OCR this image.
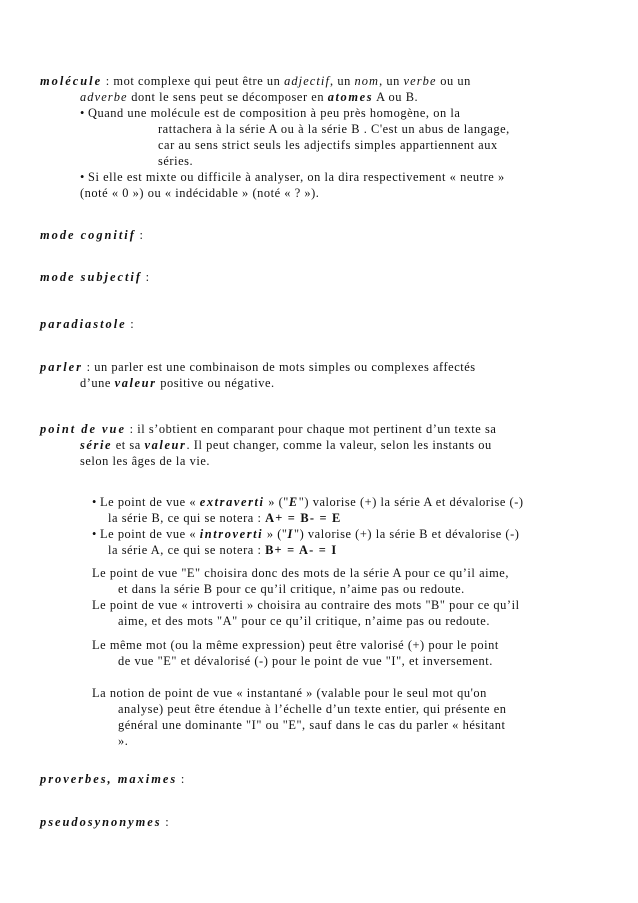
molécule : mot complexe qui peut être un adjectif, un nom, un verbe ou un
adverbe dont le sens peut se décomposer en atomes A ou B.
• Quand une molécule est de composition à peu près homogène, on la
rattachera à la série A ou à la série B . C'est un abus de langage,
car au sens strict seuls les adjectifs simples appartiennent aux
séries.
• Si elle est mixte ou difficile à analyser, on la dira respectivement « neutre »
(noté « 0 ») ou « indécidable » (noté « ? »).
mode cognitif :
mode subjectif :
paradiastole :
parler : un parler est une combinaison de mots simples ou complexes affectés
d’une valeur positive ou négative.
point de vue : il s’obtient en comparant pour chaque mot pertinent d’un texte sa
série et sa valeur. Il peut changer, comme la valeur, selon les instants ou
selon les âges de la vie.
• Le point de vue « extraverti » ("E") valorise (+) la série A et dévalorise (-)
la série B, ce qui se notera : A+ = B- = E
• Le point de vue « introverti » ("I") valorise (+) la série B et dévalorise (-)
la série A, ce qui se notera : B+ = A- = I
Le point de vue "E" choisira donc des mots de la série A pour ce qu’il aime,
et dans la série B pour ce qu’il critique, n’aime pas ou redoute.
Le point de vue « introverti » choisira au contraire des mots "B" pour ce qu’il
aime, et des mots "A" pour ce qu’il critique, n’aime pas ou redoute.
Le même mot (ou la même expression) peut être valorisé (+) pour le point
de vue "E" et dévalorisé (-) pour le point de vue "I", et inversement.
La notion de point de vue « instantané » (valable pour le seul mot qu'on
analyse) peut être étendue à l’échelle d’un texte entier, qui présente en
général une dominante "I" ou "E", sauf dans le cas du parler « hésitant
».
proverbes, maximes :
pseudosynonymes :
